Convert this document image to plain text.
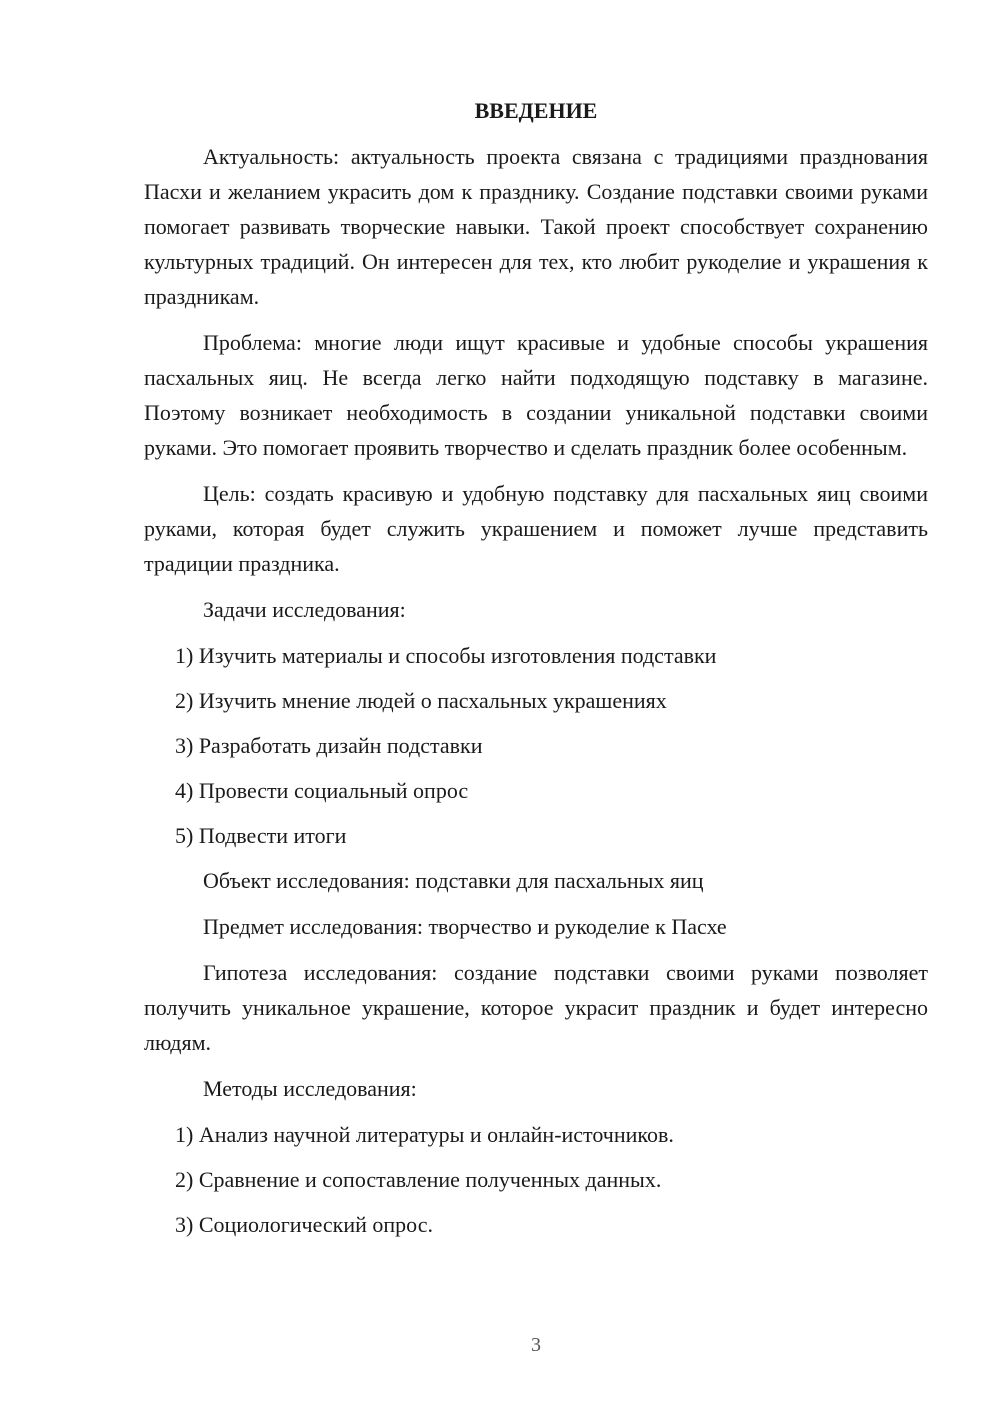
ВВЕДЕНИЕ
Актуальность: актуальность проекта связана с традициями празднования Пасхи и желанием украсить дом к празднику. Создание подставки своими руками помогает развивать творческие навыки. Такой проект способствует сохранению культурных традиций. Он интересен для тех, кто любит рукоделие и украшения к праздникам.
Проблема: многие люди ищут красивые и удобные способы украшения пасхальных яиц. Не всегда легко найти подходящую подставку в магазине. Поэтому возникает необходимость в создании уникальной подставки своими руками. Это помогает проявить творчество и сделать праздник более особенным.
Цель: создать красивую и удобную подставку для пасхальных яиц своими руками, которая будет служить украшением и поможет лучше представить традиции праздника.
Задачи исследования:
1) Изучить материалы и способы изготовления подставки
2) Изучить мнение людей о пасхальных украшениях
3) Разработать дизайн подставки
4) Провести социальный опрос
5) Подвести итоги
Объект исследования: подставки для пасхальных яиц
Предмет исследования: творчество и рукоделие к Пасхе
Гипотеза исследования: создание подставки своими руками позволяет получить уникальное украшение, которое украсит праздник и будет интересно людям.
Методы исследования:
1) Анализ научной литературы и онлайн-источников.
2) Сравнение и сопоставление полученных данных.
3) Социологический опрос.
3
